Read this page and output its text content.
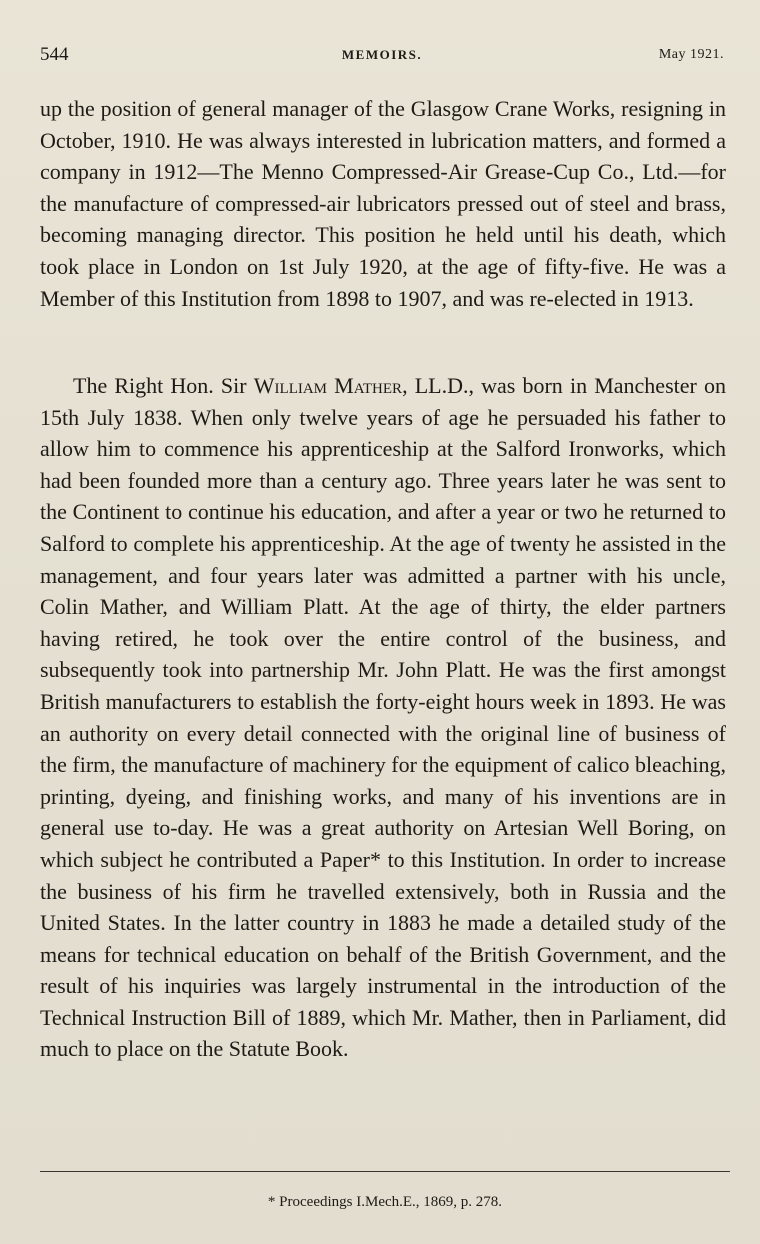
544	MEMOIRS.	May 1921.

up the position of general manager of the Glasgow Crane Works, resigning in October, 1910. He was always interested in lubrication matters, and formed a company in 1912—The Menno Compressed-Air Grease-Cup Co., Ltd.—for the manufacture of compressed-air lubricators pressed out of steel and brass, becoming managing director. This position he held until his death, which took place in London on 1st July 1920, at the age of fifty-five. He was a Member of this Institution from 1898 to 1907, and was re-elected in 1913.

The Right Hon. Sir William Mather, LL.D., was born in Manchester on 15th July 1838. When only twelve years of age he persuaded his father to allow him to commence his apprenticeship at the Salford Ironworks, which had been founded more than a century ago. Three years later he was sent to the Continent to continue his education, and after a year or two he returned to Salford to complete his apprenticeship. At the age of twenty he assisted in the management, and four years later was admitted a partner with his uncle, Colin Mather, and William Platt. At the age of thirty, the elder partners having retired, he took over the entire control of the business, and subsequently took into partnership Mr. John Platt. He was the first amongst British manufacturers to establish the forty-eight hours week in 1893. He was an authority on every detail connected with the original line of business of the firm, the manufacture of machinery for the equipment of calico bleaching, printing, dyeing, and finishing works, and many of his inventions are in general use to-day. He was a great authority on Artesian Well Boring, on which subject he contributed a Paper* to this Institution. In order to increase the business of his firm he travelled extensively, both in Russia and the United States. In the latter country in 1883 he made a detailed study of the means for technical education on behalf of the British Government, and the result of his inquiries was largely instrumental in the introduction of the Technical Instruction Bill of 1889, which Mr. Mather, then in Parliament, did much to place on the Statute Book.

* Proceedings I.Mech.E., 1869, p. 278.
